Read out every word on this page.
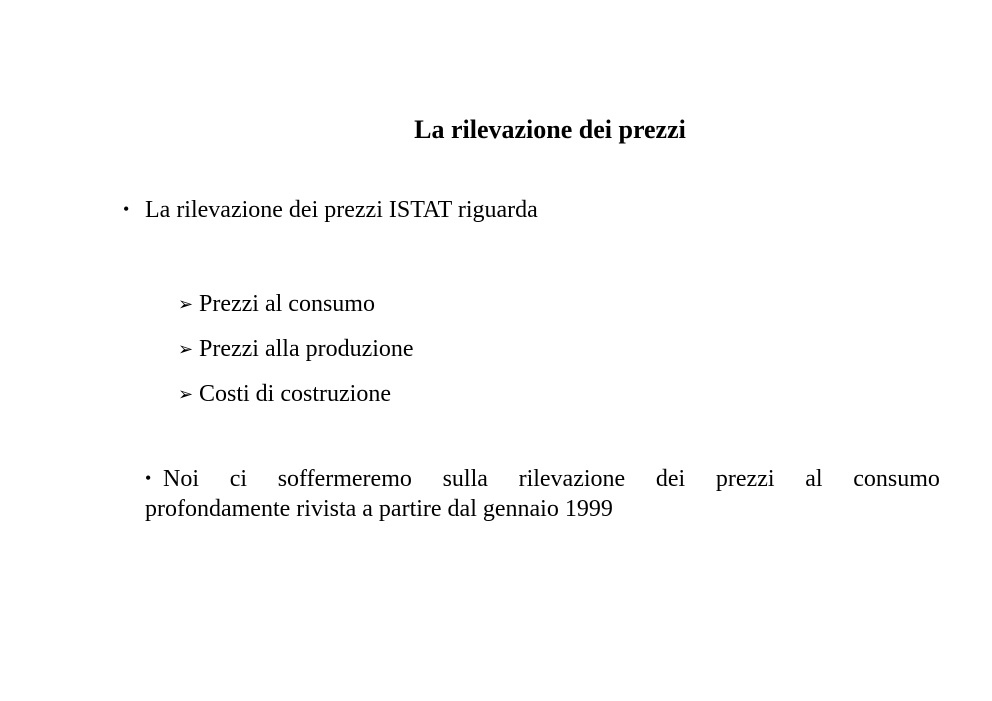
La rilevazione dei prezzi
• La rilevazione dei prezzi ISTAT riguarda
➢ Prezzi al consumo
➢ Prezzi alla produzione
➢ Costi di costruzione
• Noi ci soffermeremo sulla rilevazione dei prezzi al consumo
profondamente rivista a partire dal gennaio 1999
